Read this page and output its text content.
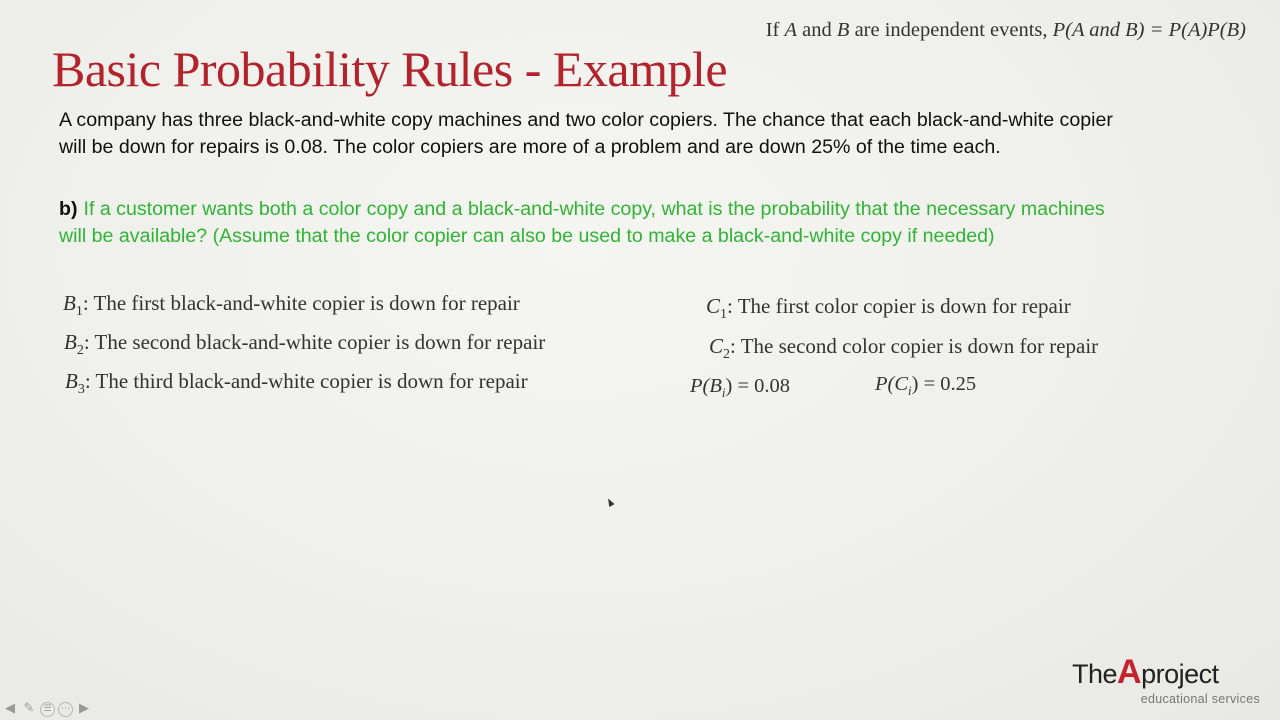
If A and B are independent events, P(A and B) = P(A)P(B)
Basic Probability Rules - Example

A company has three black-and-white copy machines and two color copiers. The chance that each black-and-white copier will be down for repairs is 0.08. The color copiers are more of a problem and are down 25% of the time each.

b) If a customer wants both a color copy and a black-and-white copy, what is the probability that the necessary machines will be available? (Assume that the color copier can also be used to make a black-and-white copy if needed)

$B_1$: The first black-and-white copier is down for repair
$B_2$: The second black-and-white copier is down for repair
$B_3$: The third black-and-white copier is down for repair
$C_1$: The first color copier is down for repair
$C_2$: The second color copier is down for repair
$P(B_i) = 0.08$	$P(C_i) = 0.25$
TheAproject
educational services
◀ ✎	☰	⋯ ▶
